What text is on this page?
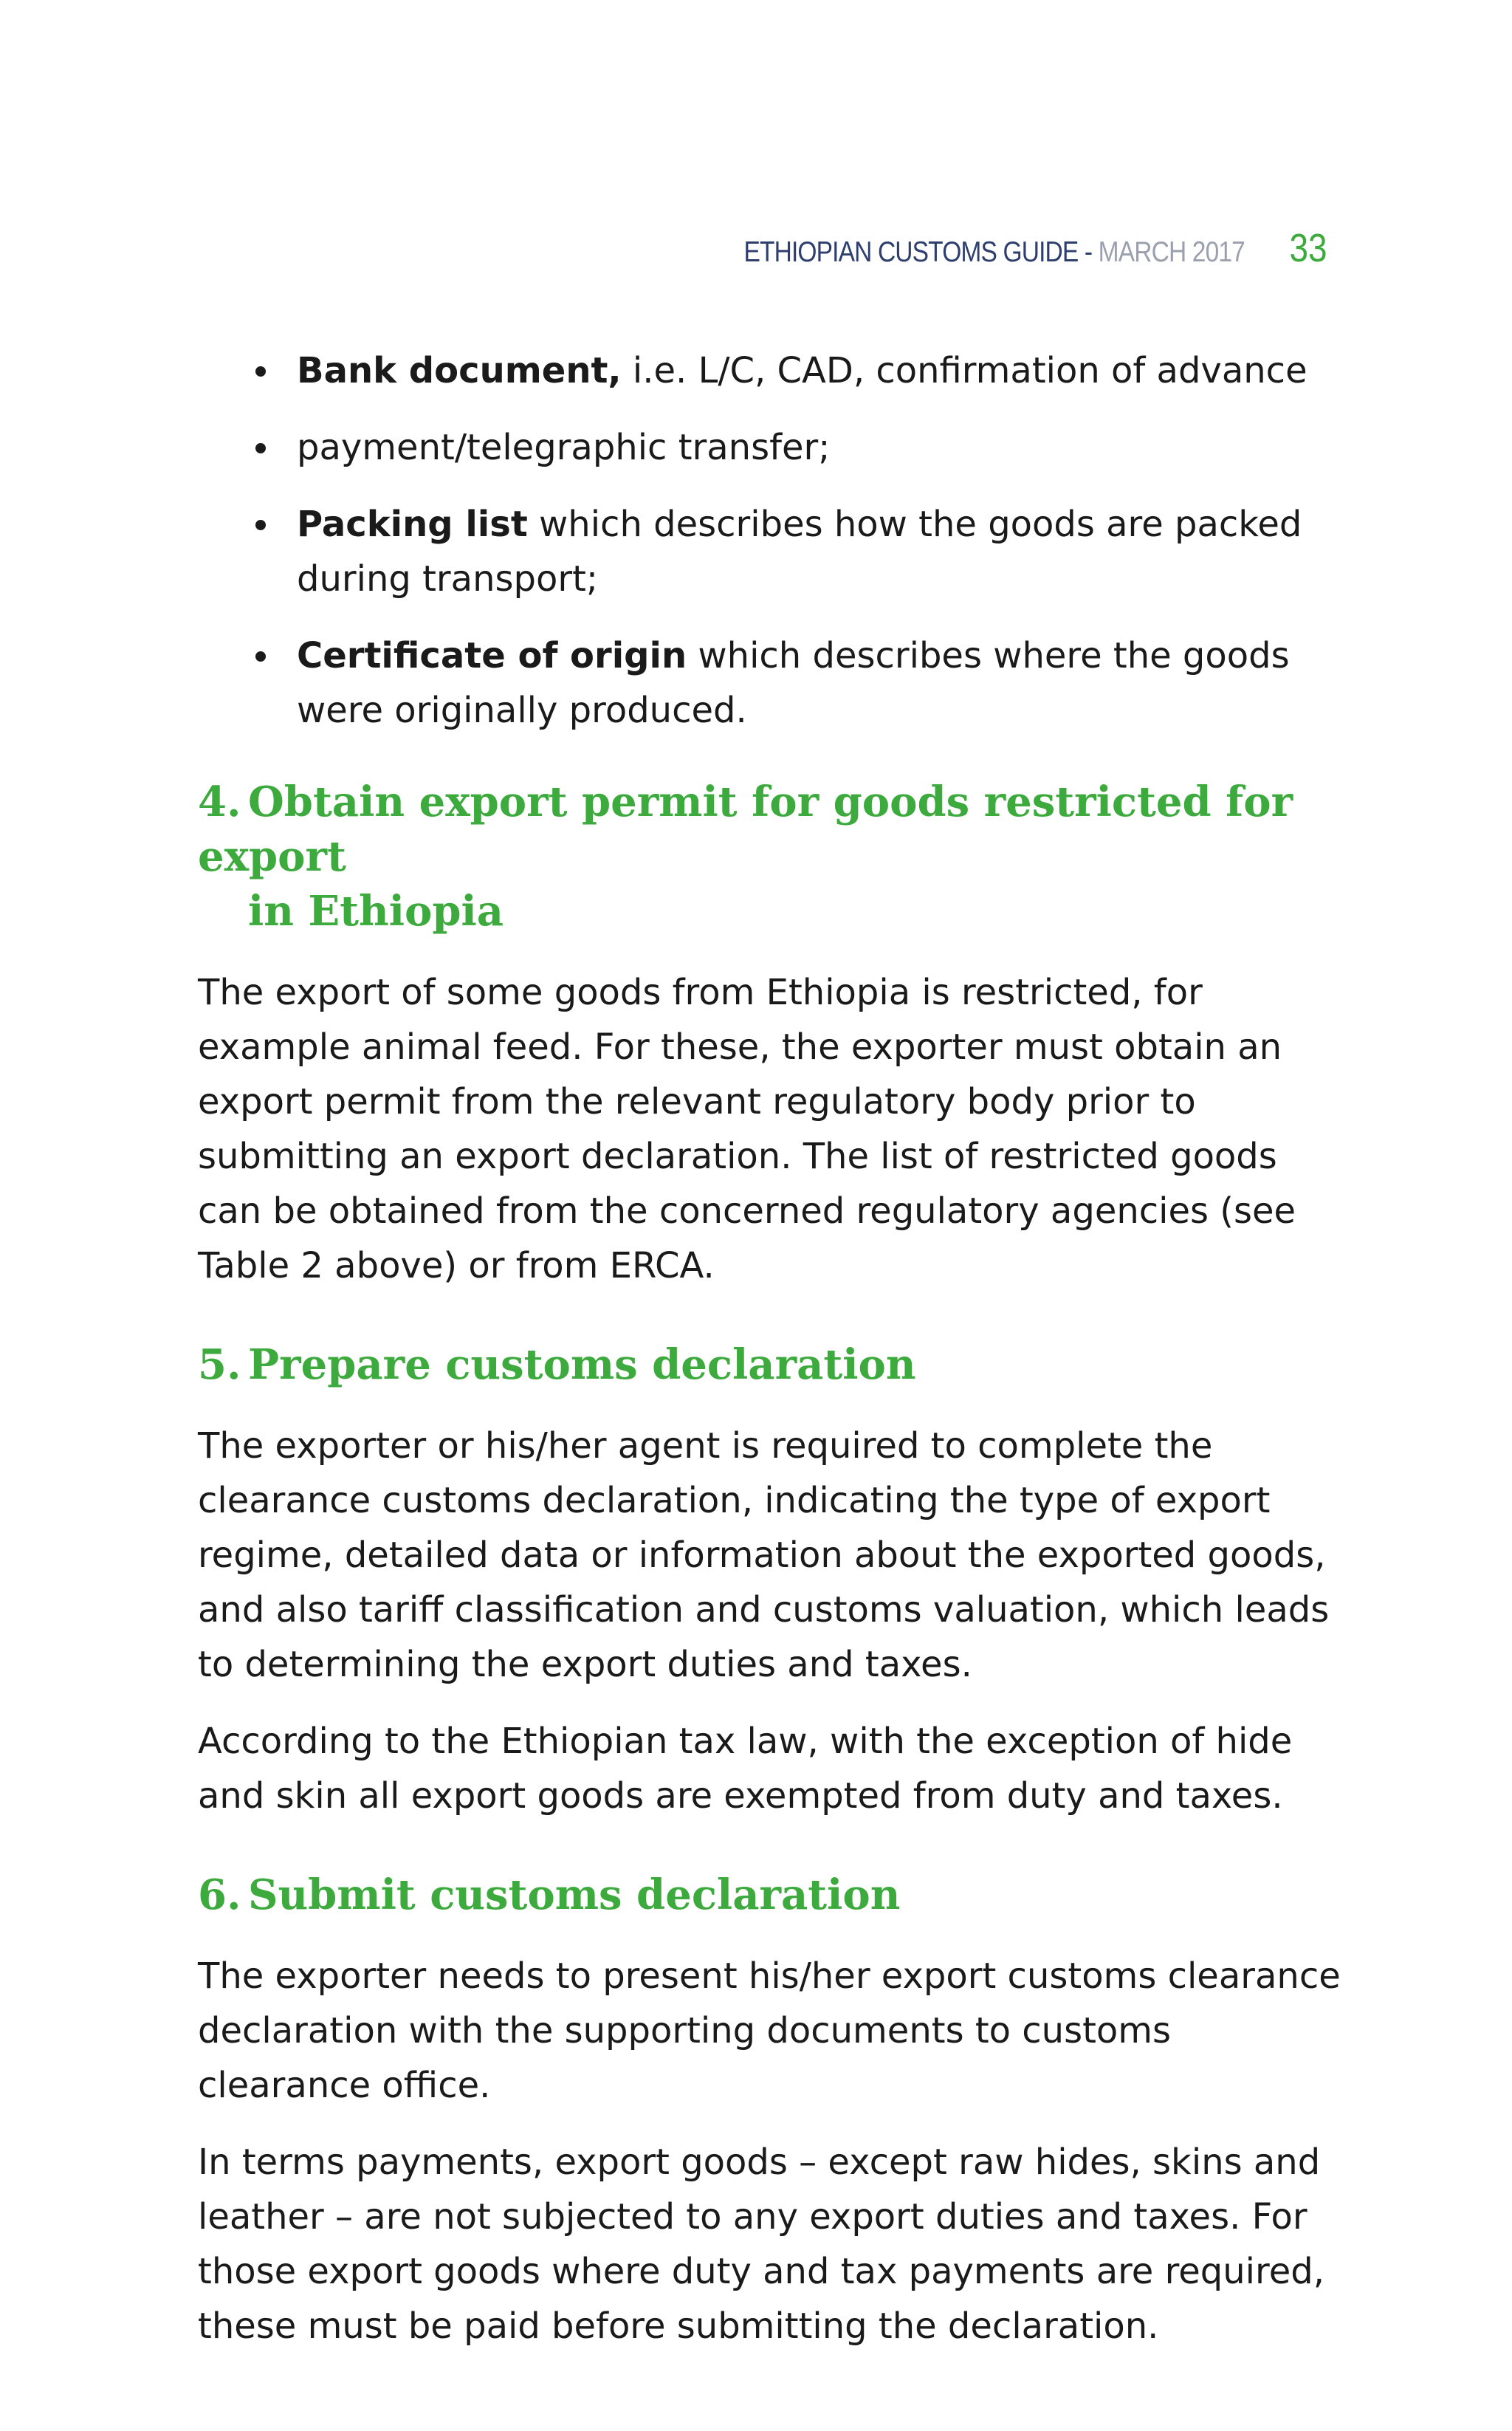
ETHIOPIAN CUSTOMS GUIDE - MARCH 2017 33
Bank document, i.e. L/C, CAD, confirmation of advance
payment/telegraphic transfer;
Packing list which describes how the goods are packed during transport;
Certificate of origin which describes where the goods were originally produced.
4. Obtain export permit for goods restricted for export
in Ethiopia

The export of some goods from Ethiopia is restricted, for example animal feed. For these, the exporter must obtain an export permit from the relevant regulatory body prior to submitting an export declaration. The list of restricted goods can be obtained from the concerned regulatory agencies (see Table 2 above) or from ERCA.

5. Prepare customs declaration

The exporter or his/her agent is required to complete the clearance customs declaration, indicating the type of export regime, detailed data or information about the exported goods, and also tariff classification and customs valuation, which leads to determining the export duties and taxes.

According to the Ethiopian tax law, with the exception of hide and skin all export goods are exempted from duty and taxes.

6. Submit customs declaration

The exporter needs to present his/her export customs clearance declaration with the supporting documents to customs clearance office.

In terms payments, export goods – except raw hides, skins and leather – are not subjected to any export duties and taxes. For those export goods where duty and tax payments are required, these must be paid before submitting the declaration.
